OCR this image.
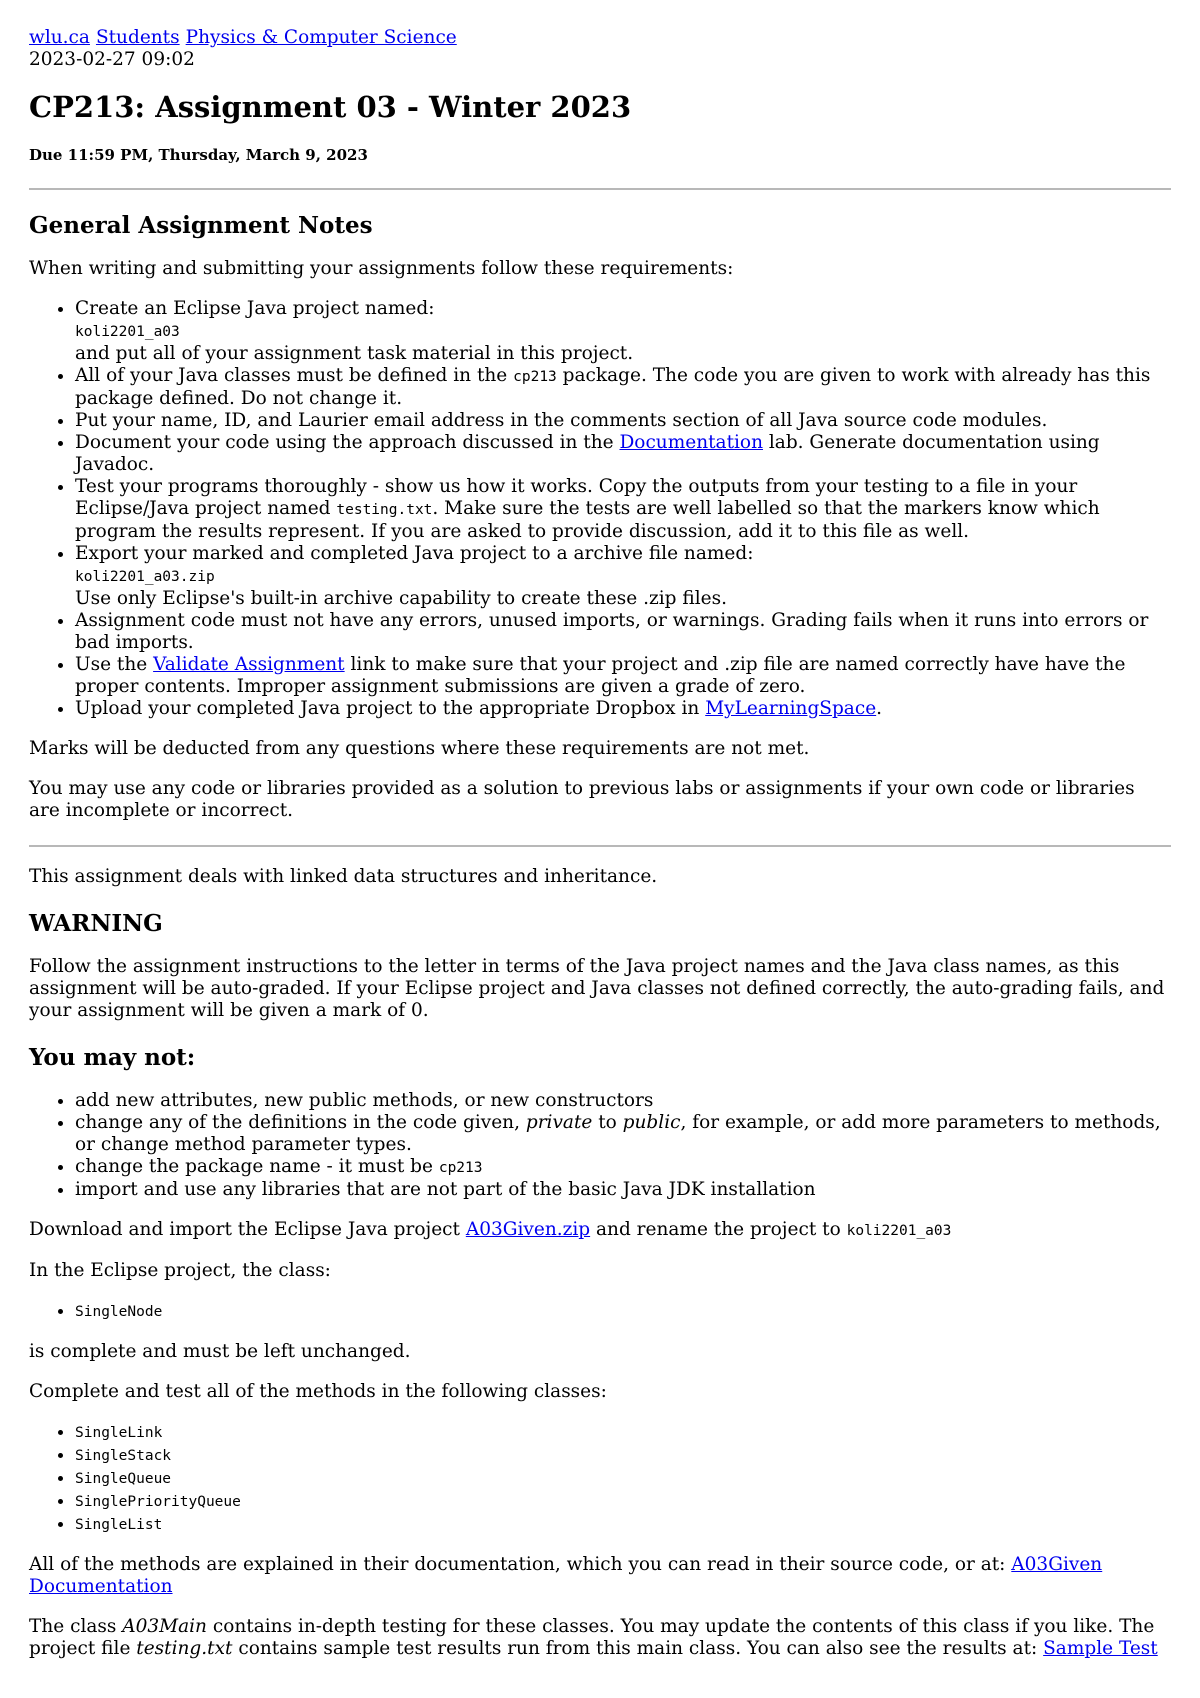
wlu.ca Students Physics & Computer Science
2023-02-27 09:02
CP213: Assignment 03 - Winter 2023
Due 11:59 PM, Thursday, March 9, 2023
General Assignment Notes

When writing and submitting your assignments follow these requirements:

• Create an Eclipse Java project named:
koli2201_a03
and put all of your assignment task material in this project.
• All of your Java classes must be defined in the cp213 package. The code you are given to work with already has this package defined. Do not change it.
• Put your name, ID, and Laurier email address in the comments section of all Java source code modules.
• Document your code using the approach discussed in the Documentation lab. Generate documentation using Javadoc.
• Test your programs thoroughly - show us how it works. Copy the outputs from your testing to a file in your Eclipse/Java project named testing.txt. Make sure the tests are well labelled so that the markers know which program the results represent. If you are asked to provide discussion, add it to this file as well.
• Export your marked and completed Java project to a archive file named:
koli2201_a03.zip
Use only Eclipse's built-in archive capability to create these .zip files.
• Assignment code must not have any errors, unused imports, or warnings. Grading fails when it runs into errors or bad imports.
• Use the Validate Assignment link to make sure that your project and .zip file are named correctly have have the proper contents. Improper assignment submissions are given a grade of zero.
• Upload your completed Java project to the appropriate Dropbox in MyLearningSpace.

Marks will be deducted from any questions where these requirements are not met.

You may use any code or libraries provided as a solution to previous labs or assignments if your own code or libraries are incomplete or incorrect.

This assignment deals with linked data structures and inheritance.

WARNING

Follow the assignment instructions to the letter in terms of the Java project names and the Java class names, as this assignment will be auto-graded. If your Eclipse project and Java classes not defined correctly, the auto-grading fails, and your assignment will be given a mark of 0.

You may not:
• add new attributes, new public methods, or new constructors
• change any of the definitions in the code given, private to public, for example, or add more parameters to methods, or change method parameter types.
• change the package name - it must be cp213
• import and use any libraries that are not part of the basic Java JDK installation

Download and import the Eclipse Java project A03Given.zip and rename the project to koli2201_a03

In the Eclipse project, the class:

• SingleNode

is complete and must be left unchanged.

Complete and test all of the methods in the following classes:

• SingleLink
• SingleStack
• SingleQueue
• SinglePriorityQueue
• SingleList

All of the methods are explained in their documentation, which you can read in their source code, or at: A03Given Documentation

The class A03Main contains in-depth testing for these classes. You may update the contents of this class if you like. The project file testing.txt contains sample test results run from this main class. You can also see the results at: Sample Test
